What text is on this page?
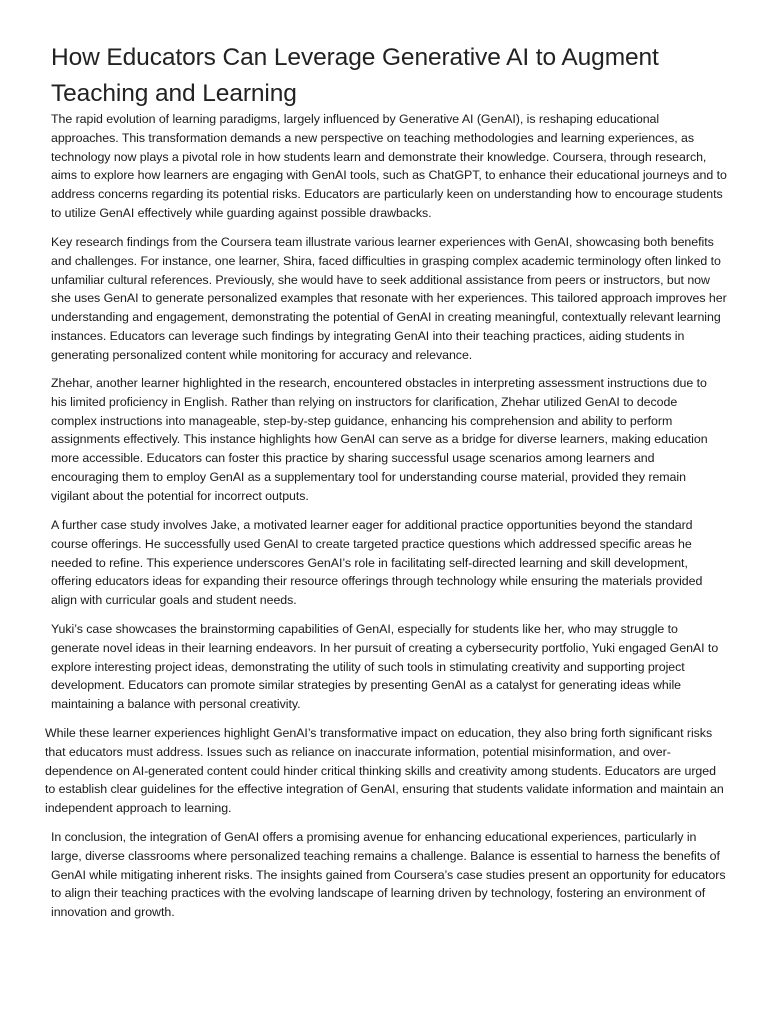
How Educators Can Leverage Generative AI to Augment Teaching and Learning

The rapid evolution of learning paradigms, largely influenced by Generative AI (GenAI), is reshaping educational approaches. This transformation demands a new perspective on teaching methodologies and learning experiences, as technology now plays a pivotal role in how students learn and demonstrate their knowledge. Coursera, through research, aims to explore how learners are engaging with GenAI tools, such as ChatGPT, to enhance their educational journeys and to address concerns regarding its potential risks. Educators are particularly keen on understanding how to encourage students to utilize GenAI effectively while guarding against possible drawbacks.

Key research findings from the Coursera team illustrate various learner experiences with GenAI, showcasing both benefits and challenges. For instance, one learner, Shira, faced difficulties in grasping complex academic terminology often linked to unfamiliar cultural references. Previously, she would have to seek additional assistance from peers or instructors, but now she uses GenAI to generate personalized examples that resonate with her experiences. This tailored approach improves her understanding and engagement, demonstrating the potential of GenAI in creating meaningful, contextually relevant learning instances. Educators can leverage such findings by integrating GenAI into their teaching practices, aiding students in generating personalized content while monitoring for accuracy and relevance.

Zhehar, another learner highlighted in the research, encountered obstacles in interpreting assessment instructions due to his limited proficiency in English. Rather than relying on instructors for clarification, Zhehar utilized GenAI to decode complex instructions into manageable, step-by-step guidance, enhancing his comprehension and ability to perform assignments effectively. This instance highlights how GenAI can serve as a bridge for diverse learners, making education more accessible. Educators can foster this practice by sharing successful usage scenarios among learners and encouraging them to employ GenAI as a supplementary tool for understanding course material, provided they remain vigilant about the potential for incorrect outputs.

A further case study involves Jake, a motivated learner eager for additional practice opportunities beyond the standard course offerings. He successfully used GenAI to create targeted practice questions which addressed specific areas he needed to refine. This experience underscores GenAI’s role in facilitating self-directed learning and skill development, offering educators ideas for expanding their resource offerings through technology while ensuring the materials provided align with curricular goals and student needs.

Yuki’s case showcases the brainstorming capabilities of GenAI, especially for students like her, who may struggle to generate novel ideas in their learning endeavors. In her pursuit of creating a cybersecurity portfolio, Yuki engaged GenAI to explore interesting project ideas, demonstrating the utility of such tools in stimulating creativity and supporting project development. Educators can promote similar strategies by presenting GenAI as a catalyst for generating ideas while maintaining a balance with personal creativity.

While these learner experiences highlight GenAI’s transformative impact on education, they also bring forth significant risks that educators must address. Issues such as reliance on inaccurate information, potential misinformation, and over-dependence on AI-generated content could hinder critical thinking skills and creativity among students. Educators are urged to establish clear guidelines for the effective integration of GenAI, ensuring that students validate information and maintain an independent approach to learning.

In conclusion, the integration of GenAI offers a promising avenue for enhancing educational experiences, particularly in large, diverse classrooms where personalized teaching remains a challenge. Balance is essential to harness the benefits of GenAI while mitigating inherent risks. The insights gained from Coursera’s case studies present an opportunity for educators to align their teaching practices with the evolving landscape of learning driven by technology, fostering an environment of innovation and growth.
